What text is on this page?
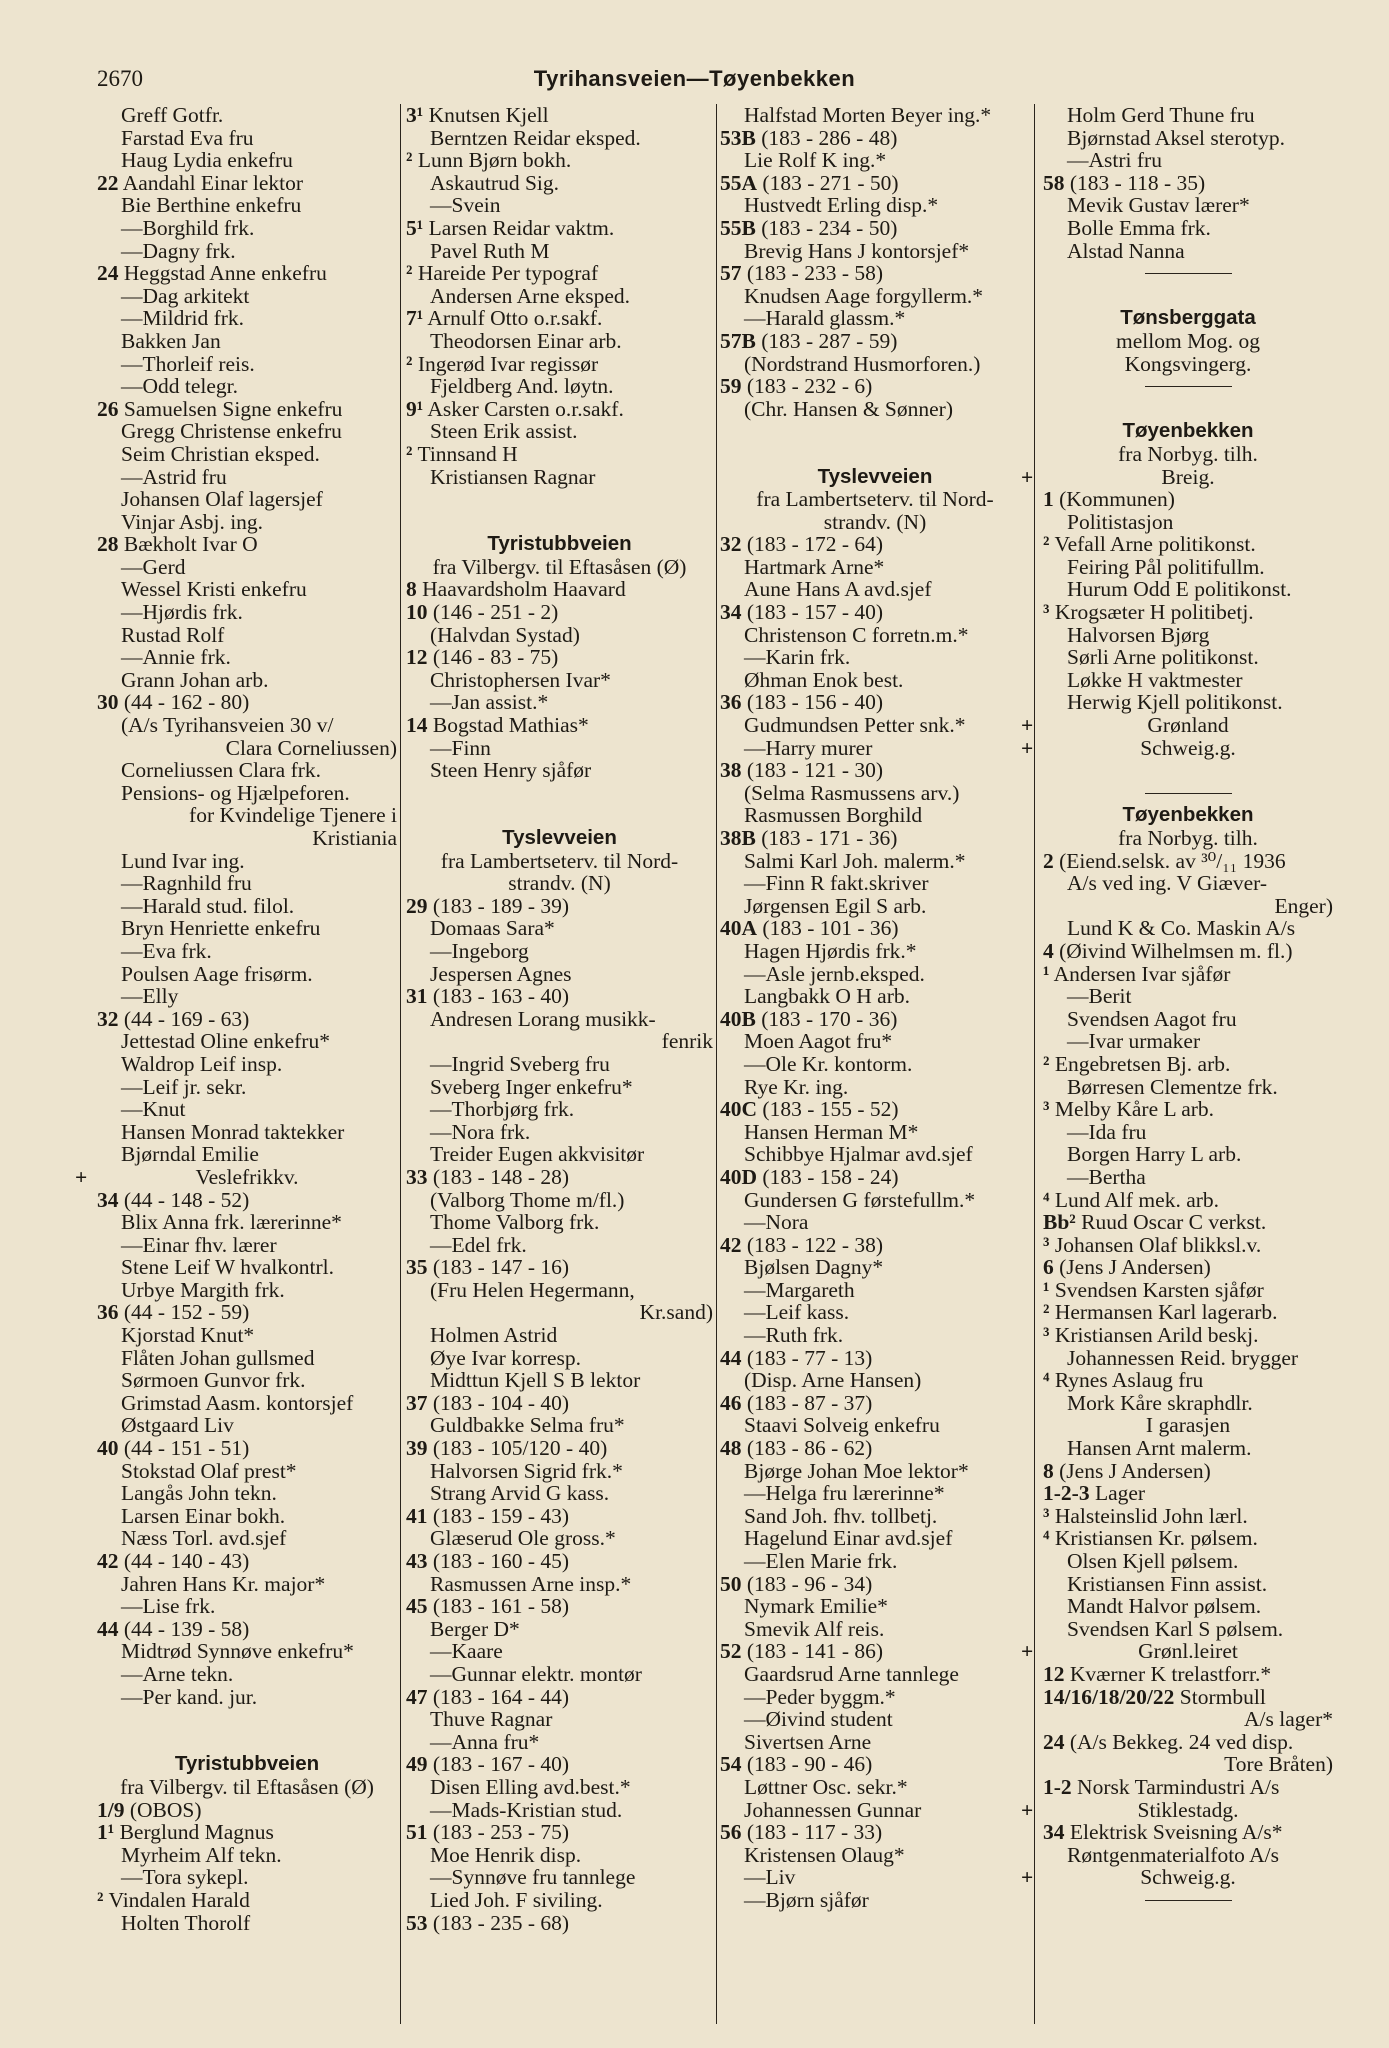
2670	Tyrihansveien—Tøyenbekken
Greff Gotfr.
Farstad Eva fru
Haug Lydia enkefru
22 Aandahl Einar lektor
Bie Berthine enkefru
—Borghild frk.
—Dagny frk.
24 Heggstad Anne enkefru
—Dag arkitekt
—Mildrid frk.
Bakken Jan
—Thorleif reis.
—Odd telegr.
26 Samuelsen Signe enkefru
Gregg Christense enkefru
Seim Christian eksped.
—Astrid fru
Johansen Olaf lagersjef
Vinjar Asbj. ing.
28 Bækholt Ivar O
—Gerd
Wessel Kristi enkefru
—Hjørdis frk.
Rustad Rolf
—Annie frk.
Grann Johan arb.
30 (44 - 162 - 80)
(A/s Tyrihansveien 30 v/
Clara Corneliussen)
Corneliussen Clara frk.
Pensions- og Hjælpeforen.
for Kvindelige Tjenere i
Kristiania
Lund Ivar ing.
—Ragnhild fru
—Harald stud. filol.
Bryn Henriette enkefru
—Eva frk.
Poulsen Aage frisørm.
—Elly
32 (44 - 169 - 63)
Jettestad Oline enkefru*
Waldrop Leif insp.
—Leif jr. sekr.
—Knut
Hansen Monrad taktekker
Bjørndal Emilie
+	Veslefrikkv.
34 (44 - 148 - 52)
Blix Anna frk. lærerinne*
—Einar fhv. lærer
Stene Leif W hvalkontrl.
Urbye Margith frk.
36 (44 - 152 - 59)
Kjorstad Knut*
Flåten Johan gullsmed
Sørmoen Gunvor frk.
Grimstad Aasm. kontorsjef
Østgaard Liv
40 (44 - 151 - 51)
Stokstad Olaf prest*
Langås John tekn.
Larsen Einar bokh.
Næss Torl. avd.sjef
42 (44 - 140 - 43)
Jahren Hans Kr. major*
—Lise frk.
44 (44 - 139 - 58)
Midtrød Synnøve enkefru*
—Arne tekn.
—Per kand. jur.
Tyristubbveien
fra Vilbergv. til Eftasåsen (Ø)
1/9 (OBOS)
1¹ Berglund Magnus
Myrheim Alf tekn.
—Tora sykepl.
² Vindalen Harald
Holten Thorolf
3¹ Knutsen Kjell
Berntzen Reidar eksped.
² Lunn Bjørn bokh.
Askautrud Sig.
—Svein
5¹ Larsen Reidar vaktm.
Pavel Ruth M
² Hareide Per typograf
Andersen Arne eksped.
7¹ Arnulf Otto o.r.sakf.
Theodorsen Einar arb.
² Ingerød Ivar regissør
Fjeldberg And. løytn.
9¹ Asker Carsten o.r.sakf.
Steen Erik assist.
² Tinnsand H
Kristiansen Ragnar
Tyristubbveien
fra Vilbergv. til Eftasåsen (Ø)
8 Haavardsholm Haavard
10 (146 - 251 - 2)
(Halvdan Systad)
12 (146 - 83 - 75)
Christophersen Ivar*
—Jan assist.*
14 Bogstad Mathias*
—Finn
Steen Henry sjåfør
Tyslevveien
fra Lambertseterv. til Nord-
strandv. (N)
29 (183 - 189 - 39)
Domaas Sara*
—Ingeborg
Jespersen Agnes
31 (183 - 163 - 40)
Andresen Lorang musikk-
fenrik
—Ingrid Sveberg fru
Sveberg Inger enkefru*
—Thorbjørg frk.
—Nora frk.
Treider Eugen akkvisitør
33 (183 - 148 - 28)
(Valborg Thome m/fl.)
Thome Valborg frk.
—Edel frk.
35 (183 - 147 - 16)
(Fru Helen Hegermann,
Kr.sand)
Holmen Astrid
Øye Ivar korresp.
Midttun Kjell S B lektor
37 (183 - 104 - 40)
Guldbakke Selma fru*
39 (183 - 105/120 - 40)
Halvorsen Sigrid frk.*
Strang Arvid G kass.
41 (183 - 159 - 43)
Glæserud Ole gross.*
43 (183 - 160 - 45)
Rasmussen Arne insp.*
45 (183 - 161 - 58)
Berger D*
—Kaare
—Gunnar elektr. montør
47 (183 - 164 - 44)
Thuve Ragnar
—Anna fru*
49 (183 - 167 - 40)
Disen Elling avd.best.*
—Mads-Kristian stud.
51 (183 - 253 - 75)
Moe Henrik disp.
—Synnøve fru tannlege
Lied Joh. F siviling.
53 (183 - 235 - 68)
Halfstad Morten Beyer ing.*
53B (183 - 286 - 48)
Lie Rolf K ing.*
55A (183 - 271 - 50)
Hustvedt Erling disp.*
55B (183 - 234 - 50)
Brevig Hans J kontorsjef*
57 (183 - 233 - 58)
Knudsen Aage forgyllerm.*
—Harald glassm.*
57B (183 - 287 - 59)
(Nordstrand Husmorforen.)
59 (183 - 232 - 6)
(Chr. Hansen & Sønner)
Tyslevveien
fra Lambertseterv. til Nord-
strandv. (N)
32 (183 - 172 - 64)
Hartmark Arne*
Aune Hans A avd.sjef
34 (183 - 157 - 40)
Christenson C forretn.m.*
—Karin frk.
Øhman Enok best.
36 (183 - 156 - 40)
Gudmundsen Petter snk.*
—Harry murer
38 (183 - 121 - 30)
(Selma Rasmussens arv.)
Rasmussen Borghild
38B (183 - 171 - 36)
Salmi Karl Joh. malerm.*
—Finn R fakt.skriver
Jørgensen Egil S arb.
40A (183 - 101 - 36)
Hagen Hjørdis frk.*
—Asle jernb.eksped.
Langbakk O H arb.
40B (183 - 170 - 36)
Moen Aagot fru*
—Ole Kr. kontorm.
Rye Kr. ing.
40C (183 - 155 - 52)
Hansen Herman M*
Schibbye Hjalmar avd.sjef
40D (183 - 158 - 24)
Gundersen G førstefullm.*
—Nora
42 (183 - 122 - 38)
Bjølsen Dagny*
—Margareth
—Leif kass.
—Ruth frk.
44 (183 - 77 - 13)
(Disp. Arne Hansen)
46 (183 - 87 - 37)
Staavi Solveig enkefru
48 (183 - 86 - 62)
Bjørge Johan Moe lektor*
—Helga fru lærerinne*
Sand Joh. fhv. tollbetj.
Hagelund Einar avd.sjef
—Elen Marie frk.
50 (183 - 96 - 34)
Nymark Emilie*
Smevik Alf reis.
52 (183 - 141 - 86)
Gaardsrud Arne tannlege
—Peder byggm.*
—Øivind student
Sivertsen Arne
54 (183 - 90 - 46)
Løttner Osc. sekr.*
Johannessen Gunnar
56 (183 - 117 - 33)
Kristensen Olaug*
—Liv
—Bjørn sjåfør
Holm Gerd Thune fru
Bjørnstad Aksel sterotyp.
—Astri fru
58 (183 - 118 - 35)
Mevik Gustav lærer*
Bolle Emma frk.
Alstad Nanna
Tønsberggata
mellom Mog. og
Kongsvingerg.
Tøyenbekken
fra Norbyg. tilh.
+	Breig.
1 (Kommunen)
Politistasjon
² Vefall Arne politikonst.
Feiring Pål politifullm.
Hurum Odd E politikonst.
³ Krogsæter H politibetj.
Halvorsen Bjørg
Sørli Arne politikonst.
Løkke H vaktmester
Herwig Kjell politikonst.
+	Grønland
+	Schweig.g.
Tøyenbekken
fra Norbyg. tilh.
2 (Eiend.selsk. av ³⁰/₁₁ 1936
A/s ved ing. V Giæver-
Enger)
Lund K & Co. Maskin A/s
4 (Øivind Wilhelmsen m. fl.)
¹ Andersen Ivar sjåfør
—Berit
Svendsen Aagot fru
—Ivar urmaker
² Engebretsen Bj. arb.
Børresen Clementze frk.
³ Melby Kåre L arb.
—Ida fru
Borgen Harry L arb.
—Bertha
⁴ Lund Alf mek. arb.
Bb² Ruud Oscar C verkst.
³ Johansen Olaf blikksl.v.
6 (Jens J Andersen)
¹ Svendsen Karsten sjåfør
² Hermansen Karl lagerarb.
³ Kristiansen Arild beskj.
Johannessen Reid. brygger
⁴ Rynes Aslaug fru
Mork Kåre skraphdlr.
I garasjen
Hansen Arnt malerm.
8 (Jens J Andersen)
1-2-3 Lager
³ Halsteinslid John lærl.
⁴ Kristiansen Kr. pølsem.
Olsen Kjell pølsem.
Kristiansen Finn assist.
Mandt Halvor pølsem.
Svendsen Karl S pølsem.
+	Grønl.leiret
12 Kværner K trelastforr.*
14/16/18/20/22 Stormbull
A/s lager*
24 (A/s Bekkeg. 24 ved disp.
Tore Bråten)
1-2 Norsk Tarmindustri A/s
+	Stiklestadg.
34 Elektrisk Sveisning A/s*
Røntgenmaterialfoto A/s
+	Schweig.g.
